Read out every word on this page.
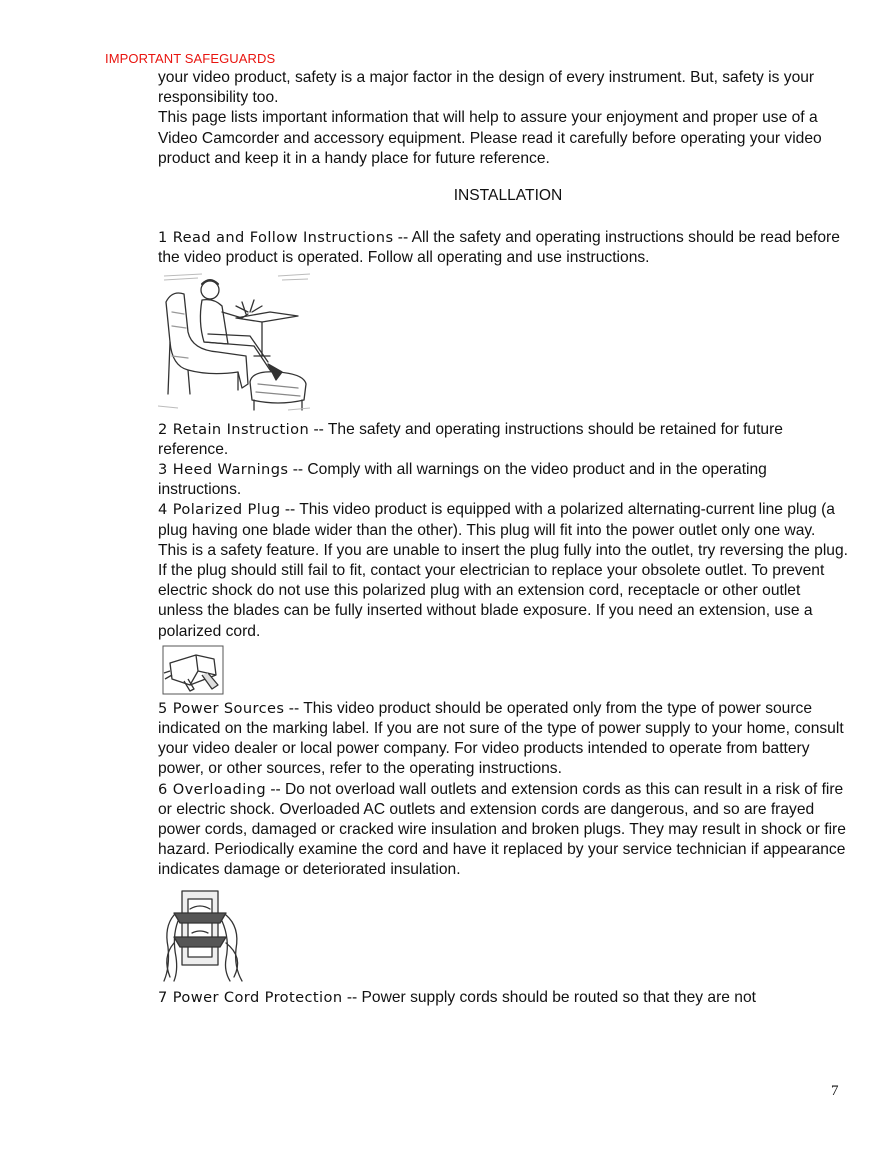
IMPORTANT SAFEGUARDS

your video product, safety is a major factor in the design of every instrument. But, safety is your responsibility too.

This page lists important information that will help to assure your enjoyment and proper use of a Video Camcorder and accessory equipment. Please read it carefully before operating your video product and keep it in a handy place for future reference.

INSTALLATION

1 Read and Follow Instructions -- All the safety and operating instructions should be read before the video product is operated. Follow all operating and use instructions.

2 Retain Instruction -- The safety and operating instructions should be retained for future reference.

3 Heed Warnings -- Comply with all warnings on the video product and in the operating instructions.

4 Polarized Plug -- This video product is equipped with a polarized alternating-current line plug (a plug having one blade wider than the other). This plug will fit into the power outlet only one way. This is a safety feature. If you are unable to insert the plug fully into the outlet, try reversing the plug. If the plug should still fail to fit, contact your electrician to replace your obsolete outlet. To prevent electric shock do not use this polarized plug with an extension cord, receptacle or other outlet unless the blades can be fully inserted without blade exposure. If you need an extension, use a polarized cord.

5 Power Sources -- This video product should be operated only from the type of power source indicated on the marking label. If you are not sure of the type of power supply to your home, consult your video dealer or local power company. For video products intended to operate from battery power, or other sources, refer to the operating instructions.

6 Overloading -- Do not overload wall outlets and extension cords as this can result in a risk of fire or electric shock. Overloaded AC outlets and extension cords are dangerous, and so are frayed power cords, damaged or cracked wire insulation and broken plugs. They may result in shock or fire hazard. Periodically examine the cord and have it replaced by your service technician if appearance indicates damage or deteriorated insulation.

7 Power Cord Protection -- Power supply cords should be routed so that they are not

7
